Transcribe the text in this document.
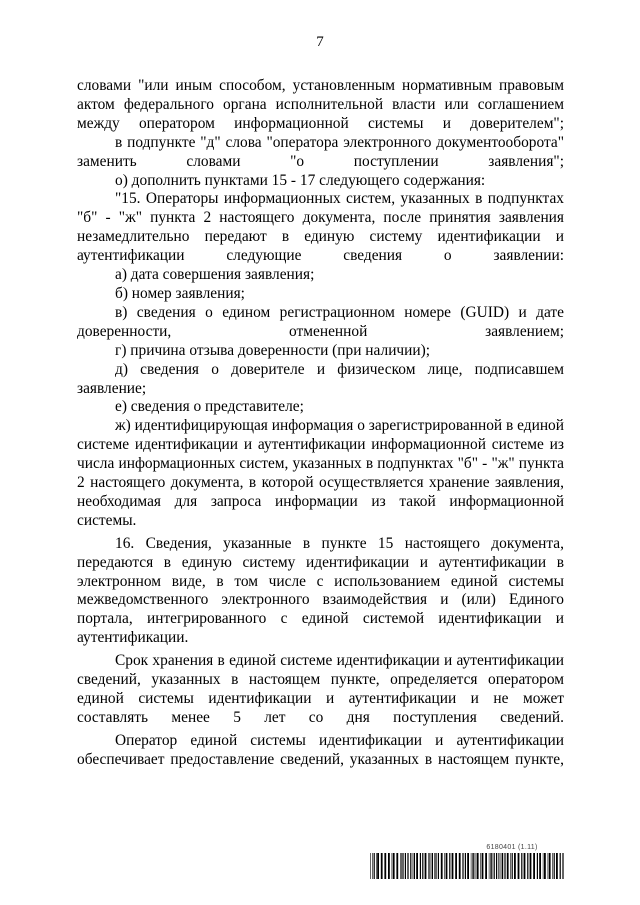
7

словами "или иным способом, установленным нормативным правовым актом федерального органа исполнительной власти или соглашением между оператором информационной системы и доверителем";

в подпункте "д" слова "оператора электронного документооборота" заменить словами "о поступлении заявления";

о) дополнить пунктами 15 - 17 следующего содержания:

"15. Операторы информационных систем, указанных в подпунктах "б" - "ж" пункта 2 настоящего документа, после принятия заявления незамедлительно передают в единую систему идентификации и аутентификации следующие сведения о заявлении:

а) дата совершения заявления;

б) номер заявления;

в) сведения о едином регистрационном номере (GUID) и дате доверенности, отмененной заявлением;

г) причина отзыва доверенности (при наличии);

д) сведения о доверителе и физическом лице, подписавшем заявление;

е) сведения о представителе;

ж) идентифицирующая информация о зарегистрированной в единой системе идентификации и аутентификации информационной системе из числа информационных систем, указанных в подпунктах "б" - "ж" пункта 2 настоящего документа, в которой осуществляется хранение заявления, необходимая для запроса информации из такой информационной системы.

16. Сведения, указанные в пункте 15 настоящего документа, передаются в единую систему идентификации и аутентификации в электронном виде, в том числе с использованием единой системы межведомственного электронного взаимодействия и (или) Единого портала, интегрированного с единой системой идентификации и аутентификации.

Срок хранения в единой системе идентификации и аутентификации сведений, указанных в настоящем пункте, определяется оператором единой системы идентификации и аутентификации и не может составлять менее 5 лет со дня поступления сведений.

Оператор единой системы идентификации и аутентификации обеспечивает предоставление сведений, указанных в настоящем пункте,

6180401 (1.11)
